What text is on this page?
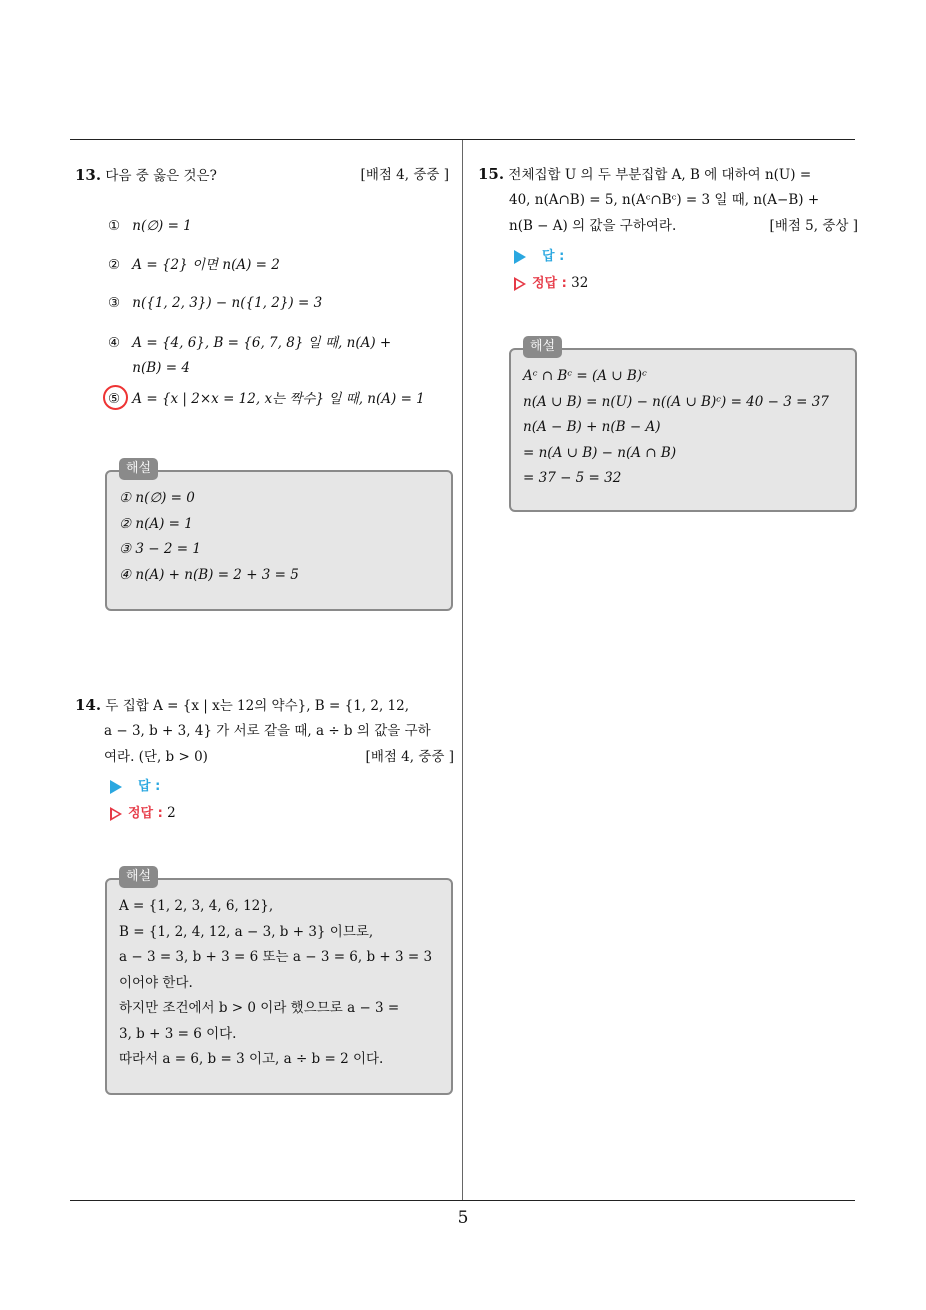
13. 다음 중 옳은 것은?	[배점 4, 중중 ]
① n(∅) = 1
② A = {2} 이면 n(A) = 2
③ n({1, 2, 3}) − n({1, 2}) = 3
④ A = {4, 6}, B = {6, 7, 8} 일 때, n(A) +
n(B) = 4
⑤ A = {x | 2×x = 12, x는 짝수} 일 때, n(A) = 1
해설
① n(∅) = 0
② n(A) = 1
③ 3 − 2 = 1
④ n(A) + n(B) = 2 + 3 = 5
14. 두 집합 A = {x | x는 12의 약수}, B = {1, 2, 12,
a − 3, b + 3, 4} 가 서로 같을 때, a ÷ b 의 값을 구하
여라. (단, b > 0)	[배점 4, 중중 ]
답 :
정답 : 2
해설
A = {1, 2, 3, 4, 6, 12},
B = {1, 2, 4, 12, a − 3, b + 3} 이므로,
a − 3 = 3, b + 3 = 6 또는 a − 3 = 6, b + 3 = 3
이어야 한다.
하지만 조건에서 b > 0 이라 했으므로 a − 3 =
3, b + 3 = 6 이다.
따라서 a = 6, b = 3 이고, a ÷ b = 2 이다.
15. 전체집합 U 의 두 부분집합 A, B 에 대하여 n(U) =
40, n(A∩B) = 5, n(Aᶜ∩Bᶜ) = 3 일 때, n(A−B) +
n(B − A) 의 값을 구하여라.	[배점 5, 중상 ]
답 :
정답 : 32
해설
Aᶜ ∩ Bᶜ = (A ∪ B)ᶜ
n(A ∪ B) = n(U) − n((A ∪ B)ᶜ) = 40 − 3 = 37
n(A − B) + n(B − A)
= n(A ∪ B) − n(A ∩ B)
= 37 − 5 = 32
5
